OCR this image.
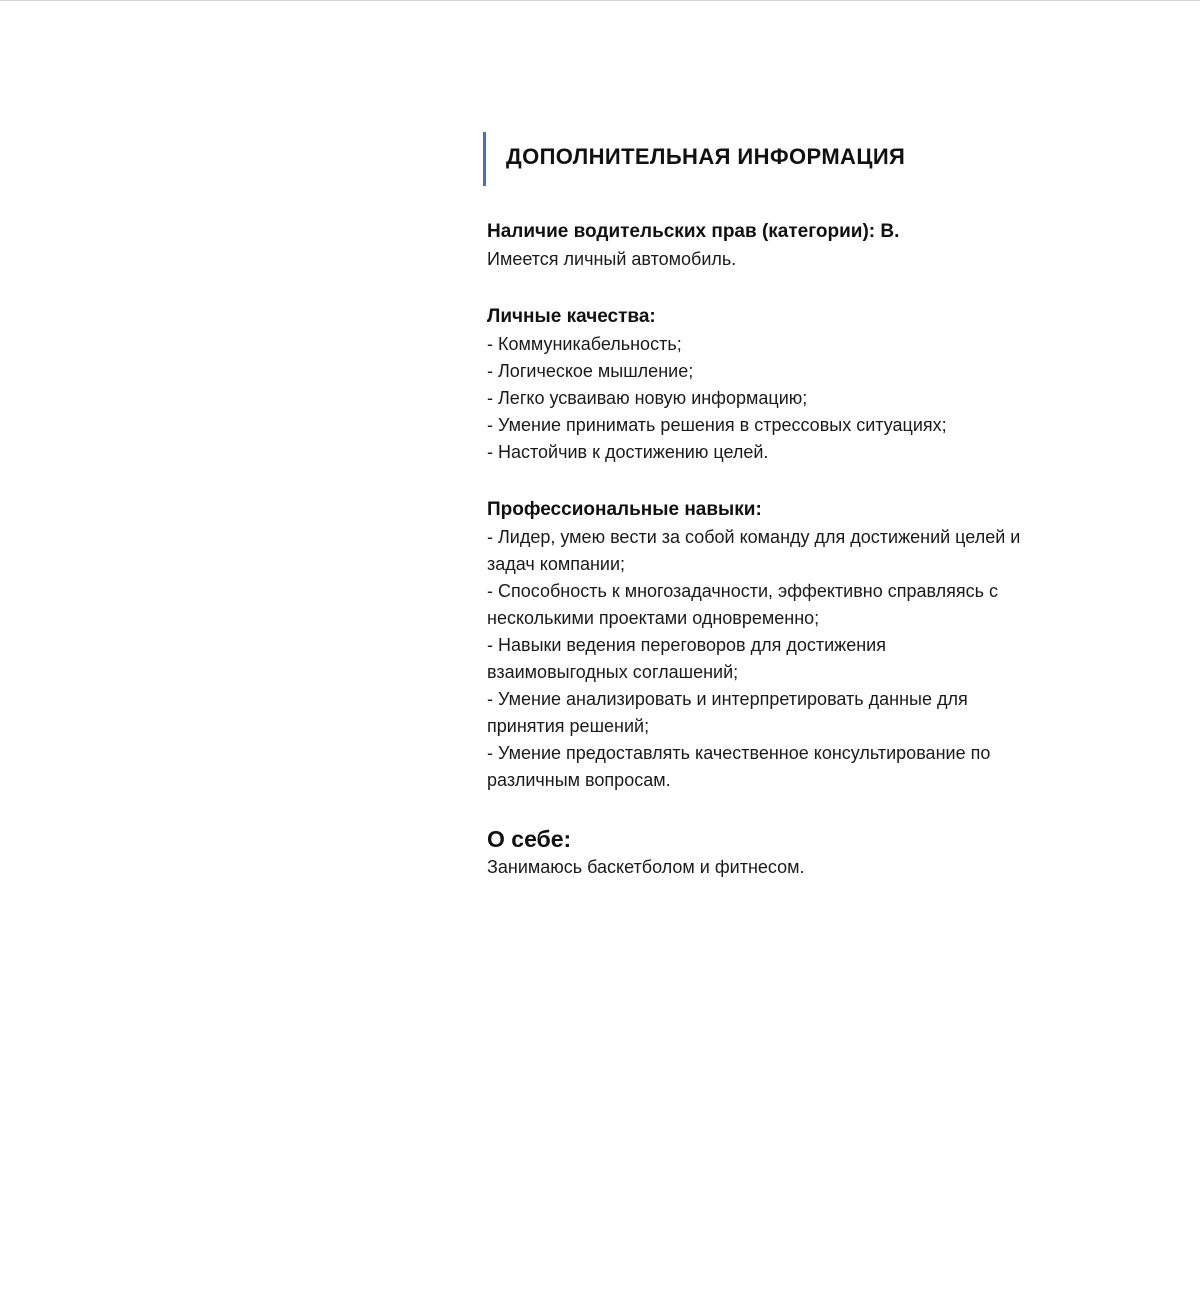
ДОПОЛНИТЕЛЬНАЯ ИНФОРМАЦИЯ
Наличие водительских прав (категории): В.
Имеется личный автомобиль.
Личные качества:
- Коммуникабельность;
- Логическое мышление;
- Легко усваиваю новую информацию;
- Умение принимать решения в стрессовых ситуациях;
- Настойчив к достижению целей.
Профессиональные навыки:
- Лидер, умею вести за собой команду для достижений целей и
задач компании;
- Способность к многозадачности, эффективно справляясь с
несколькими проектами одновременно;
- Навыки ведения переговоров для достижения
взаимовыгодных соглашений;
- Умение анализировать и интерпретировать данные для
принятия решений;
- Умение предоставлять качественное консультирование по
различным вопросам.
О себе:
Занимаюсь баскетболом и фитнесом.
